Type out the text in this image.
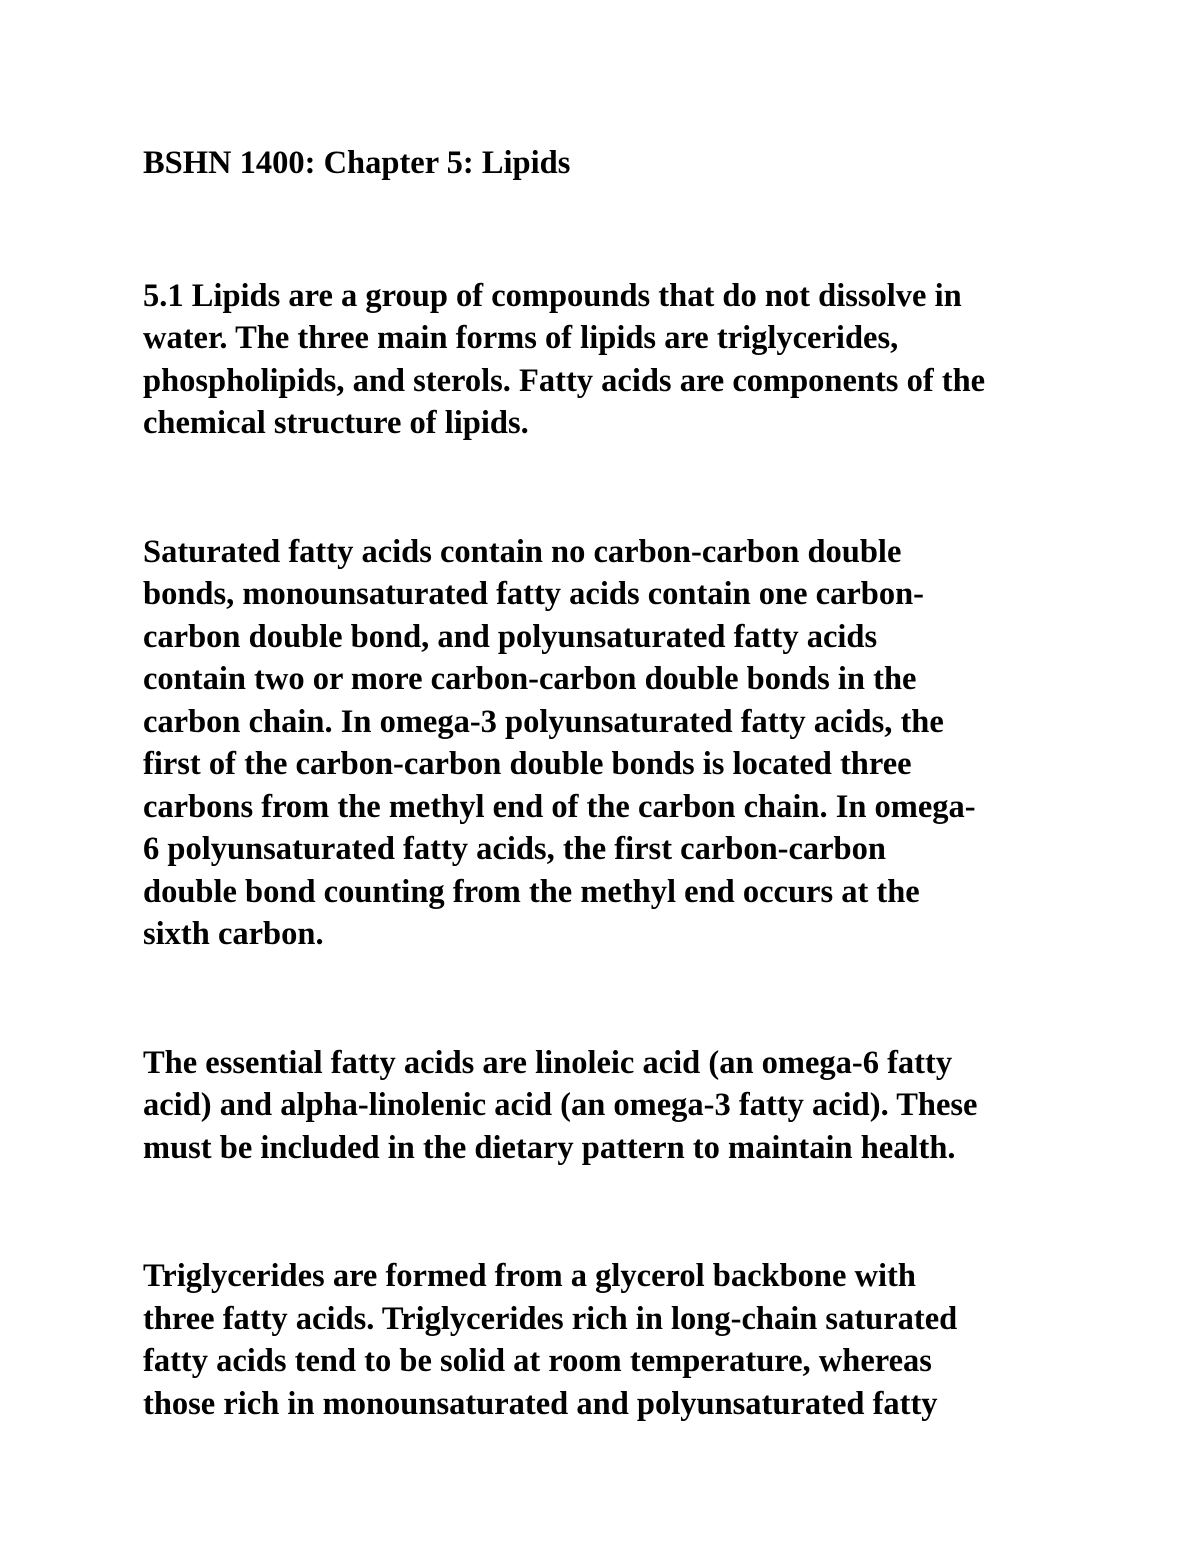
BSHN 1400: Chapter 5: Lipids

5.1 Lipids are a group of compounds that do not dissolve in
water. The three main forms of lipids are triglycerides,
phospholipids, and sterols. Fatty acids are components of the
chemical structure of lipids.

Saturated fatty acids contain no carbon-carbon double
bonds, monounsaturated fatty acids contain one carbon-
carbon double bond, and polyunsaturated fatty acids
contain two or more carbon-carbon double bonds in the
carbon chain. In omega-3 polyunsaturated fatty acids, the
first of the carbon-carbon double bonds is located three
carbons from the methyl end of the carbon chain. In omega-
6 polyunsaturated fatty acids, the first carbon-carbon
double bond counting from the methyl end occurs at the
sixth carbon.

The essential fatty acids are linoleic acid (an omega-6 fatty
acid) and alpha-linolenic acid (an omega-3 fatty acid). These
must be included in the dietary pattern to maintain health.

Triglycerides are formed from a glycerol backbone with
three fatty acids. Triglycerides rich in long-chain saturated
fatty acids tend to be solid at room temperature, whereas
those rich in monounsaturated and polyunsaturated fatty
